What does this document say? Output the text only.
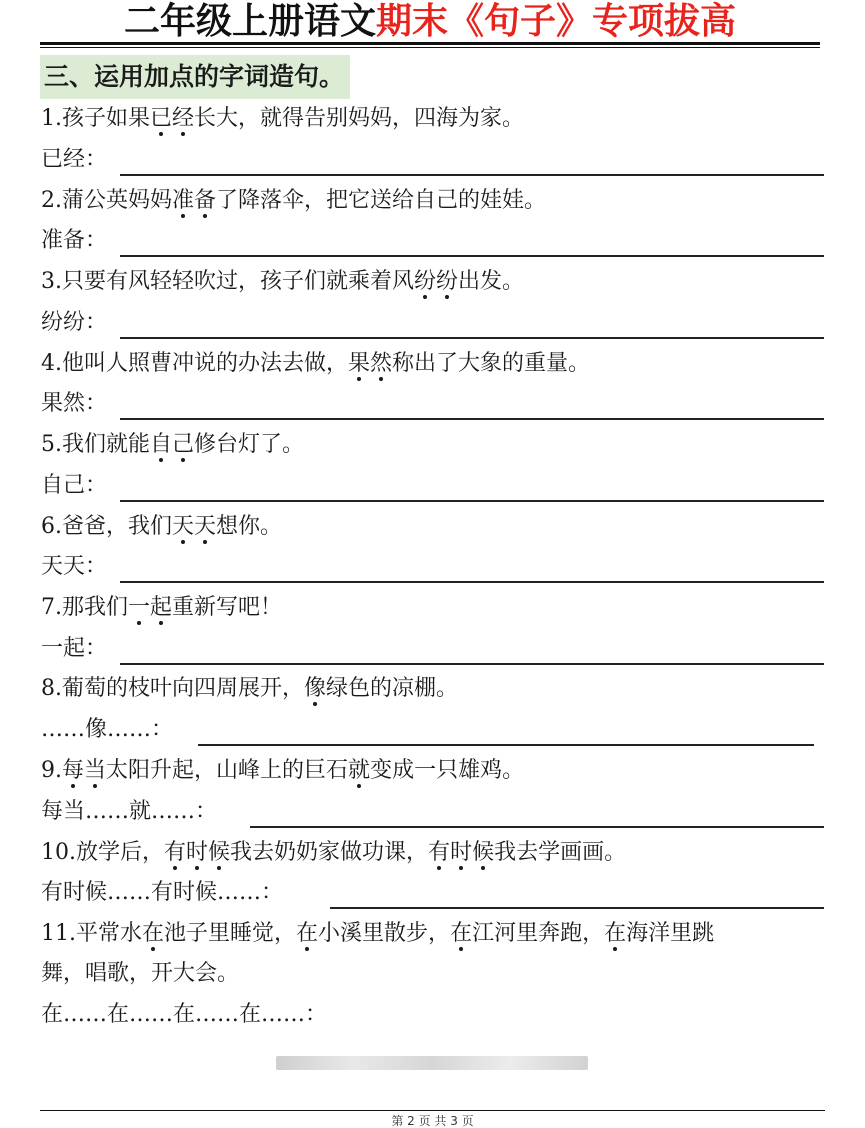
二年级上册语文期末《句子》专项拔高
三、运用加点的字词造句。
1.孩子如果已经长大，就得告别妈妈，四海为家。
已经：
2.蒲公英妈妈准备了降落伞，把它送给自己的娃娃。
准备：
3.只要有风轻轻吹过，孩子们就乘着风纷纷出发。
纷纷：
4.他叫人照曹冲说的办法去做，果然称出了大象的重量。
果然：
5.我们就能自己修台灯了。
自己：
6.爸爸，我们天天想你。
天天：
7.那我们一起重新写吧！
一起：
8.葡萄的枝叶向四周展开，像绿色的凉棚。
……像……：
9.每当太阳升起，山峰上的巨石就变成一只雄鸡。
每当……就……：
10.放学后，有时候我去奶奶家做功课，有时候我去学画画。
有时候……有时候……：
11.平常水在池子里睡觉，在小溪里散步，在江河里奔跑，在海洋里跳
舞，唱歌，开大会。
在……在……在……在……：
第 2 页 共 3 页
